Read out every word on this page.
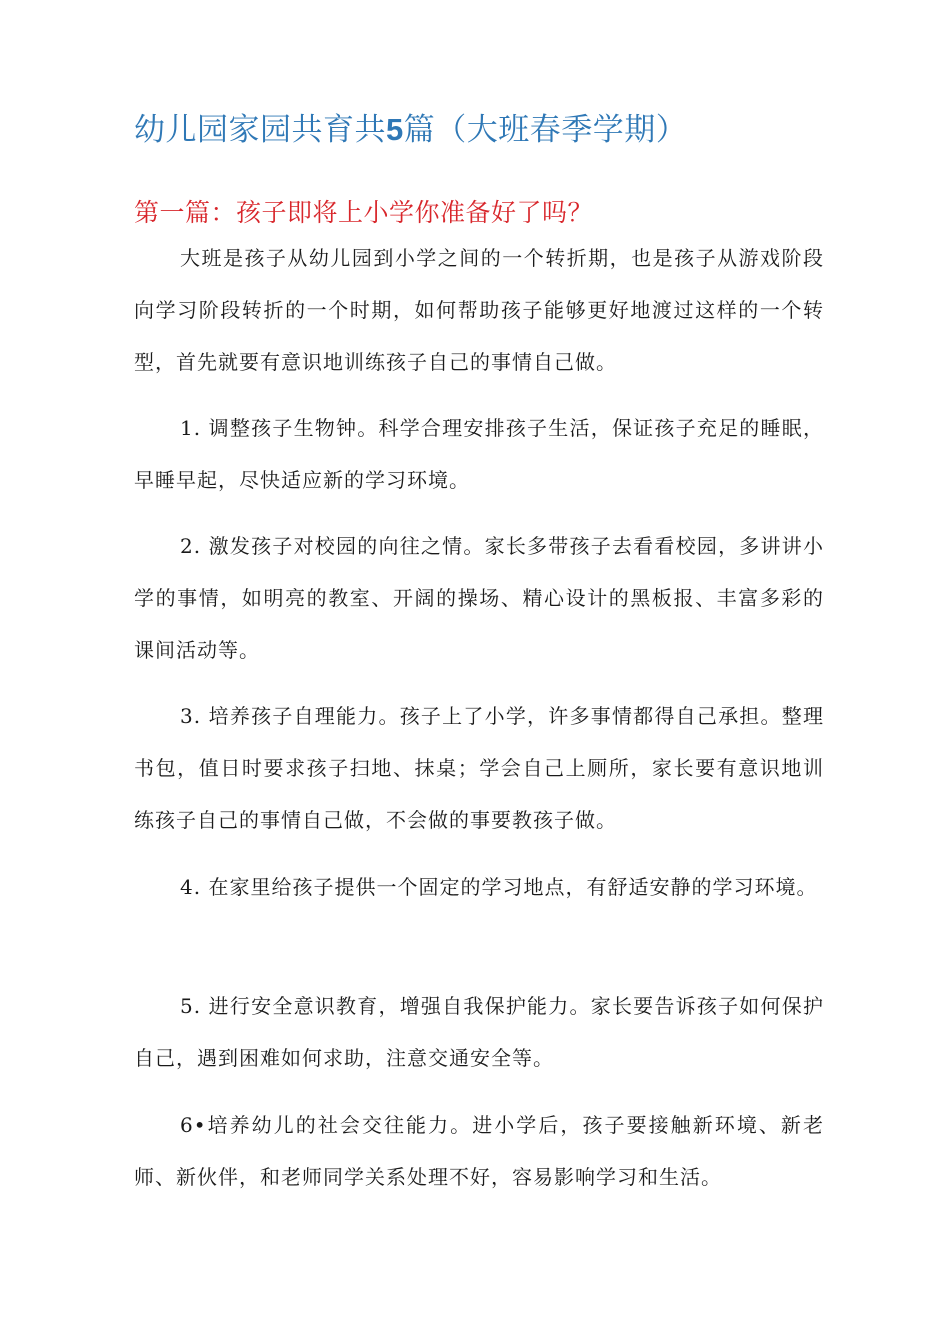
幼儿园家园共育共5篇（大班春季学期）
第一篇：孩子即将上小学你准备好了吗？

大班是孩子从幼儿园到小学之间的一个转折期，也是孩子从游戏阶段向学习阶段转折的一个时期，如何帮助孩子能够更好地渡过这样的一个转型，首先就要有意识地训练孩子自己的事情自己做。

1. 调整孩子生物钟。科学合理安排孩子生活，保证孩子充足的睡眠，早睡早起，尽快适应新的学习环境。

2. 激发孩子对校园的向往之情。家长多带孩子去看看校园，多讲讲小学的事情，如明亮的教室、开阔的操场、精心设计的黑板报、丰富多彩的课间活动等。

3. 培养孩子自理能力。孩子上了小学，许多事情都得自己承担。整理书包，值日时要求孩子扫地、抹桌；学会自己上厕所，家长要有意识地训练孩子自己的事情自己做，不会做的事要教孩子做。

4. 在家里给孩子提供一个固定的学习地点，有舒适安静的学习环境。

5. 进行安全意识教育，增强自我保护能力。家长要告诉孩子如何保护自己，遇到困难如何求助，注意交通安全等。

6•培养幼儿的社会交往能力。进小学后，孩子要接触新环境、新老师、新伙伴，和老师同学关系处理不好，容易影响学习和生活。
